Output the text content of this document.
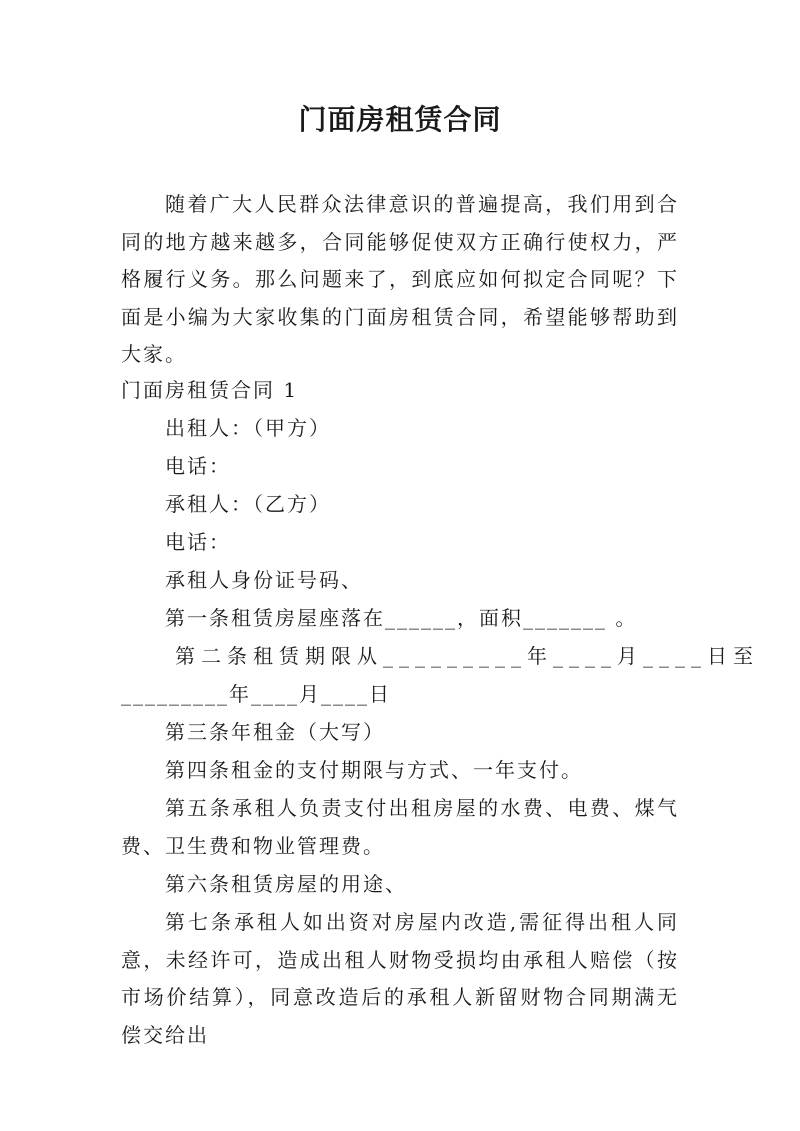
门面房租赁合同
随着广大人民群众法律意识的普遍提高，我们用到合同的地方越来越多，合同能够促使双方正确行使权力，严格履行义务。那么问题来了，到底应如何拟定合同呢？下面是小编为大家收集的门面房租赁合同，希望能够帮助到大家。
门面房租赁合同 1
出租人：（甲方）
电话：
承租人：（乙方）
电话：
承租人身份证号码、
第一条租赁房屋座落在______，面积_______ 。
第二条租赁期限从_________年____月____日至
_________年____月____日
第三条年租金（大写）
第四条租金的支付期限与方式、一年支付。
第五条承租人负责支付出租房屋的水费、电费、煤气费、卫生费和物业管理费。
第六条租赁房屋的用途、
第七条承租人如出资对房屋内改造,需征得出租人同意，未经许可，造成出租人财物受损均由承租人赔偿（按市场价结算），同意改造后的承租人新留财物合同期满无偿交给出
